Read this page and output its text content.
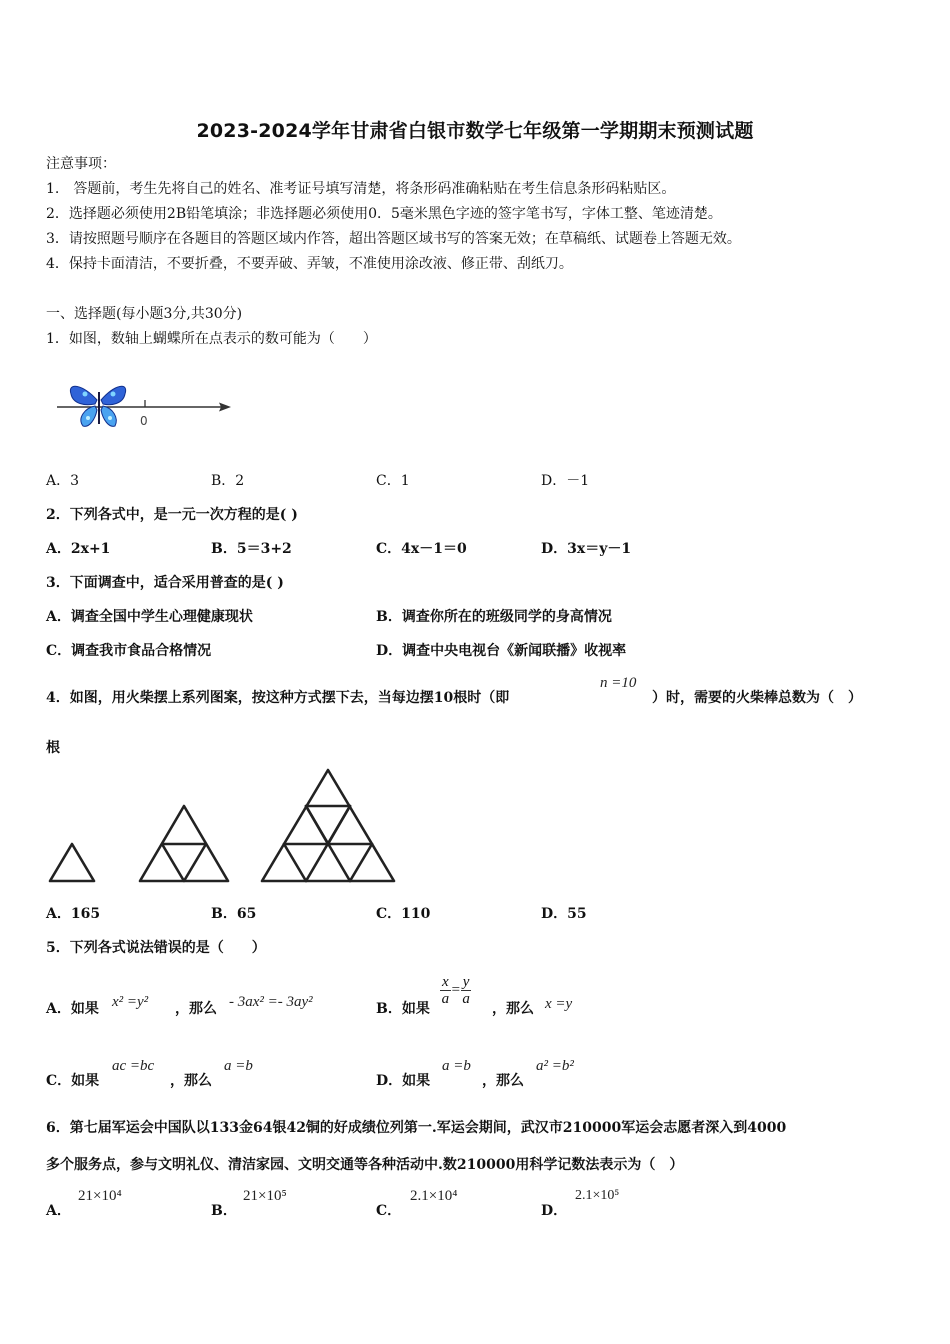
2023-2024学年甘肃省白银市数学七年级第一学期期末预测试题
注意事项：
1.　答题前，考生先将自己的姓名、准考证号填写清楚，将条形码准确粘贴在考生信息条形码粘贴区。
2．选择题必须使用2B铅笔填涂；非选择题必须使用0．5毫米黑色字迹的签字笔书写，字体工整、笔迹清楚。
3．请按照题号顺序在各题目的答题区域内作答，超出答题区域书写的答案无效；在草稿纸、试题卷上答题无效。
4．保持卡面清洁，不要折叠，不要弄破、弄皱，不准使用涂改液、修正带、刮纸刀。
一、选择题(每小题3分,共30分)
1．如图，数轴上蝴蝶所在点表示的数可能为（　　）
0
A．3	B．2	C．1	D．－1
2．下列各式中，是一元一次方程的是( )
A．2x+1	B．5＝3+2	C．4x－1＝0	D．3x＝y－1
3．下面调查中，适合采用普查的是( )
A．调查全国中学生心理健康现状	B．调查你所在的班级同学的身高情况
C．调查我市食品合格情况	D．调查中央电视台《新闻联播》收视率
4．如图，用火柴摆上系列图案，按这种方式摆下去，当每边摆10根时（即
n =10
）时，需要的火柴棒总数为（　）
根
A．165	B．65	C．110	D．55
5．下列各式说法错误的是（　　）
A．如果 x² =y² ，那么 - 3ax² =- 3ay²	B．如果
$\frac{x}{a} = \frac{y}{a}$
，那么 x =y
C．如果
ac =bc
，那么
a =b
D．如果
a =b
，那么
a² =b²
6．第七届军运会中国队以133金64银42铜的好成绩位列第一.军运会期间，武汉市210000军运会志愿者深入到4000
多个服务点，参与文明礼仪、清洁家园、文明交通等各种活动中.数210000用科学记数法表示为（　）
A．
21×10⁴
B．
21×10⁵
C．
2.1×10⁴
D．
2.1×10⁵
